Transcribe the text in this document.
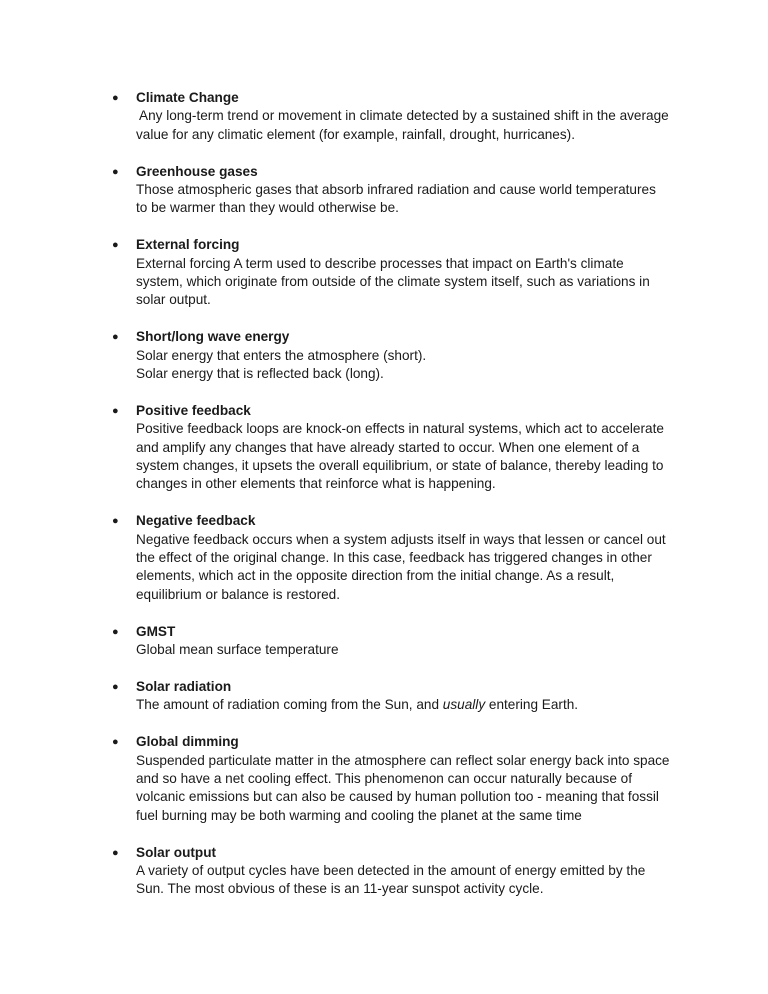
● Climate Change
Any long-term trend or movement in climate detected by a sustained shift in the average
value for any climatic element (for example, rainfall, drought, hurricanes).
● Greenhouse gases
Those atmospheric gases that absorb infrared radiation and cause world temperatures
to be warmer than they would otherwise be.
● External forcing
External forcing A term used to describe processes that impact on Earth's climate
system, which originate from outside of the climate system itself, such as variations in
solar output.
● Short/long wave energy
Solar energy that enters the atmosphere (short).
Solar energy that is reflected back (long).
● Positive feedback
Positive feedback loops are knock-on effects in natural systems, which act to accelerate
and amplify any changes that have already started to occur. When one element of a
system changes, it upsets the overall equilibrium, or state of balance, thereby leading to
changes in other elements that reinforce what is happening.
● Negative feedback
Negative feedback occurs when a system adjusts itself in ways that lessen or cancel out
the effect of the original change. In this case, feedback has triggered changes in other
elements, which act in the opposite direction from the initial change. As a result,
equilibrium or balance is restored.
● GMST
Global mean surface temperature
● Solar radiation
The amount of radiation coming from the Sun, and usually entering Earth.
● Global dimming
Suspended particulate matter in the atmosphere can reflect solar energy back into space
and so have a net cooling effect. This phenomenon can occur naturally because of
volcanic emissions but can also be caused by human pollution too - meaning that fossil
fuel burning may be both warming and cooling the planet at the same time
● Solar output
A variety of output cycles have been detected in the amount of energy emitted by the
Sun. The most obvious of these is an 11-year sunspot activity cycle.
